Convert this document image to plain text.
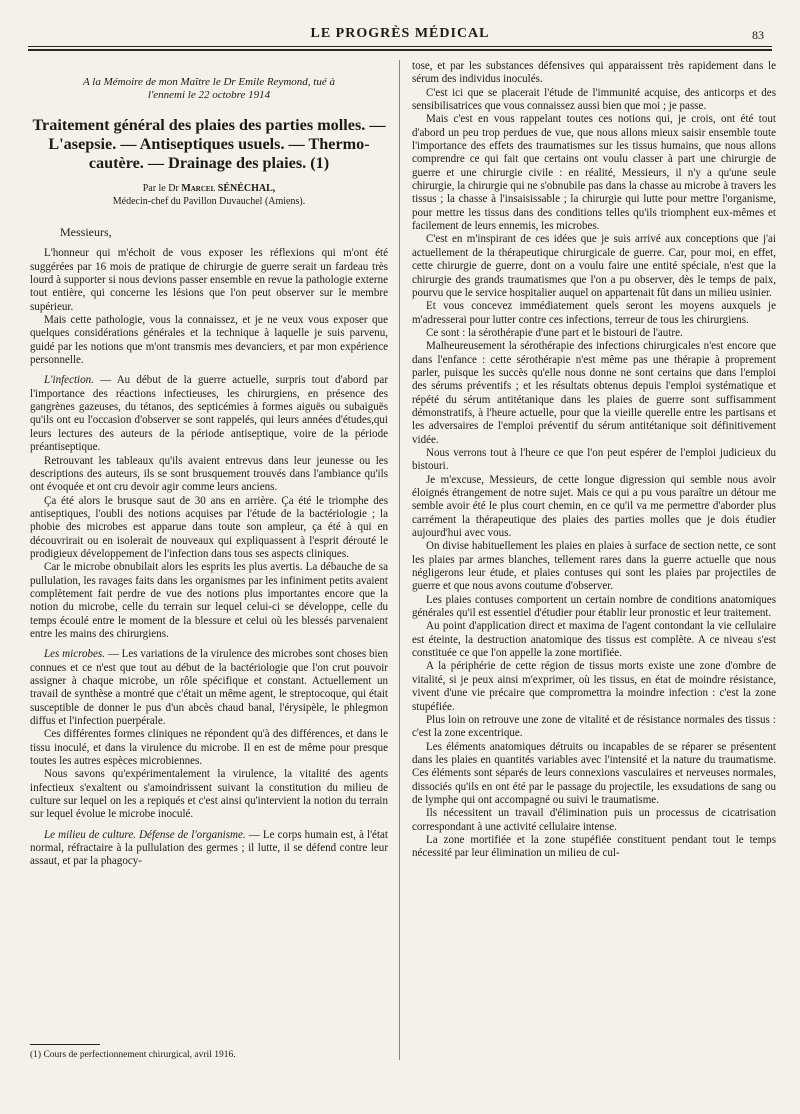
LE PROGRÈS MÉDICAL	83

A la Mémoire de mon Maître le Dr Emile Reymond, tué à
l'ennemi le 22 octobre 1914

Traitement général des plaies des parties molles. — L'asepsie. — Antiseptiques usuels. — Thermo-cautère. — Drainage des plaies. (1)

Par le Dr Marcel SÉNÉCHAL,
Médecin-chef du Pavillon Duvauchel (Amiens).

Messieurs,

L'honneur qui m'échoit de vous exposer les réflexions qui m'ont été suggérées par 16 mois de pratique de chirurgie de guerre serait un fardeau très lourd à supporter si nous devions passer ensemble en revue la pathologie externe tout entière, qui concerne les lésions que l'on peut observer sur le membre supérieur.

Mais cette pathologie, vous la connaissez, et je ne veux vous exposer que quelques considérations générales et la technique à laquelle je suis parvenu, guidé par les notions que m'ont transmis mes devanciers, et par mon expérience personnelle.

L'infection. — Au début de la guerre actuelle, surpris tout d'abord par l'importance des réactions infectieuses, les chirurgiens, en présence des gangrènes gazeuses, du tétanos, des septicémies à formes aiguës ou subaiguës qu'ils ont eu l'occasion d'observer se sont rappelés, qui leurs années d'études,qui leurs lectures des auteurs de la période antiseptique, voire de la période préantiseptique.

Retrouvant les tableaux qu'ils avaient entrevus dans leur jeunesse ou les descriptions des auteurs, ils se sont brusquement trouvés dans l'ambiance qu'ils ont évoquée et ont cru devoir agir comme leurs anciens.

Ça été alors le brusque saut de 30 ans en arrière. Ça été le triomphe des antiseptiques, l'oubli des notions acquises par l'étude de la bactériologie ; la phobie des microbes est apparue dans toute son ampleur, ça été à qui en découvrirait ou en isolerait de nouveaux qui expliquassent à l'esprit dérouté le prodigieux développement de l'infection dans tous ses aspects cliniques.

Car le microbe obnubilait alors les esprits les plus avertis. La débauche de sa pullulation, les ravages faits dans les organismes par les infiniment petits avaient complètement fait perdre de vue des notions plus importantes encore que la notion du microbe, celle du terrain sur lequel celui-ci se développe, celle du temps écoulé entre le moment de la blessure et celui où les blessés parvenaient entre les mains des chirurgiens.

Les microbes. — Les variations de la virulence des microbes sont choses bien connues et ce n'est que tout au début de la bactériologie que l'on crut pouvoir assigner à chaque microbe, un rôle spécifique et constant. Actuellement un travail de synthèse a montré que c'était un même agent, le streptocoque, qui était susceptible de donner le pus d'un abcès chaud banal, l'érysipèle, le phlegmon diffus et l'infection puerpérale.

Ces différentes formes cliniques ne répondent qu'à des différences, et dans le tissu inoculé, et dans la virulence du microbe. Il en est de même pour presque toutes les autres espèces microbiennes.

Nous savons qu'expérimentalement la virulence, la vitalité des agents infectieux s'exaltent ou s'amoindrissent suivant la constitution du milieu de culture sur lequel on les a repiqués et c'est ainsi qu'intervient la notion du terrain sur lequel évolue le microbe inoculé.

Le milieu de culture. Défense de l'organisme. — Le corps humain est, à l'état normal, réfractaire à la pullulation des germes ; il lutte, il se défend contre leur assaut, et par la phagocy-

tose, et par les substances défensives qui apparaissent très rapidement dans le sérum des individus inoculés.

C'est ici que se placerait l'étude de l'immunité acquise, des anticorps et des sensibilisatrices que vous connaissez aussi bien que moi ; je passe.

Mais c'est en vous rappelant toutes ces notions qui, je crois, ont été tout d'abord un peu trop perdues de vue, que nous allons mieux saisir ensemble toute l'importance des effets des traumatismes sur les tissus humains, que nous allons comprendre ce qui fait que certains ont voulu classer à part une chirurgie de guerre et une chirurgie civile : en réalité, Messieurs, il n'y a qu'une seule chirurgie, la chirurgie qui ne s'obnubile pas dans la chasse au microbe à travers les tissus ; la chasse à l'insaisissable ; la chirurgie qui lutte pour mettre l'organisme, pour mettre les tissus dans des conditions telles qu'ils triomphent eux-mêmes et facilement de leurs ennemis, les microbes.

C'est en m'inspirant de ces idées que je suis arrivé aux conceptions que j'ai actuellement de la thérapeutique chirurgicale de guerre. Car, pour moi, en effet, cette chirurgie de guerre, dont on a voulu faire une entité spéciale, n'est que la chirurgie des grands traumatismes que l'on a pu observer, dès le temps de paix, pourvu que le service hospitalier auquel on appartenait fût dans un milieu usinier.

Et vous concevez immédiatement quels seront les moyens auxquels je m'adresserai pour lutter contre ces infections, terreur de tous les chirurgiens.

Ce sont : la sérothérapie d'une part et le bistouri de l'autre.

Malheureusement la sérothérapie des infections chirurgicales n'est encore que dans l'enfance : cette sérothérapie n'est même pas une thérapie à proprement parler, puisque les succès qu'elle nous donne ne sont certains que dans l'emploi des sérums préventifs ; et les résultats obtenus depuis l'emploi systématique et répété du sérum antitétanique dans les plaies de guerre sont suffisamment démonstratifs, à l'heure actuelle, pour que la vieille querelle entre les partisans et les adversaires de l'emploi préventif du sérum antitétanique soit définitivement vidée.

Nous verrons tout à l'heure ce que l'on peut espérer de l'emploi judicieux du bistouri.

Je m'excuse, Messieurs, de cette longue digression qui semble nous avoir éloignés étrangement de notre sujet. Mais ce qui a pu vous paraître un détour me semble avoir été le plus court chemin, en ce qu'il va me permettre d'aborder plus carrément la thérapeutique des plaies des parties molles que je dois étudier aujourd'hui avec vous.

On divise habituellement les plaies en plaies à surface de section nette, ce sont les plaies par armes blanches, tellement rares dans la guerre actuelle que nous négligerons leur étude, et plaies contuses qui sont les plaies par projectiles de guerre et que nous avons coutume d'observer.

Les plaies contuses comportent un certain nombre de conditions anatomiques générales qu'il est essentiel d'étudier pour établir leur pronostic et leur traitement.

Au point d'application direct et maxima de l'agent contondant la vie cellulaire est éteinte, la destruction anatomique des tissus est complète. A ce niveau s'est constituée ce que l'on appelle la zone mortifiée.

A la périphérie de cette région de tissus morts existe une zone d'ombre de vitalité, si je peux ainsi m'exprimer, où les tissus, en état de moindre résistance, vivent d'une vie précaire que compromettra la moindre infection : c'est la zone stupéfiée.

Plus loin on retrouve une zone de vitalité et de résistance normales des tissus : c'est la zone excentrique.

Les éléments anatomiques détruits ou incapables de se réparer se présentent dans les plaies en quantités variables avec l'intensité et la nature du traumatisme. Ces éléments sont séparés de leurs connexions vasculaires et nerveuses normales, dissociés qu'ils en ont été par le passage du projectile, les exsudations de sang ou de lymphe qui ont accompagné ou suivi le traumatisme.

Ils nécessitent un travail d'élimination puis un processus de cicatrisation correspondant à une activité cellulaire intense.

La zone mortifiée et la zone stupéfiée constituent pendant tout le temps nécessité par leur élimination un milieu de cul-

(1) Cours de perfectionnement chirurgical, avril 1916.
